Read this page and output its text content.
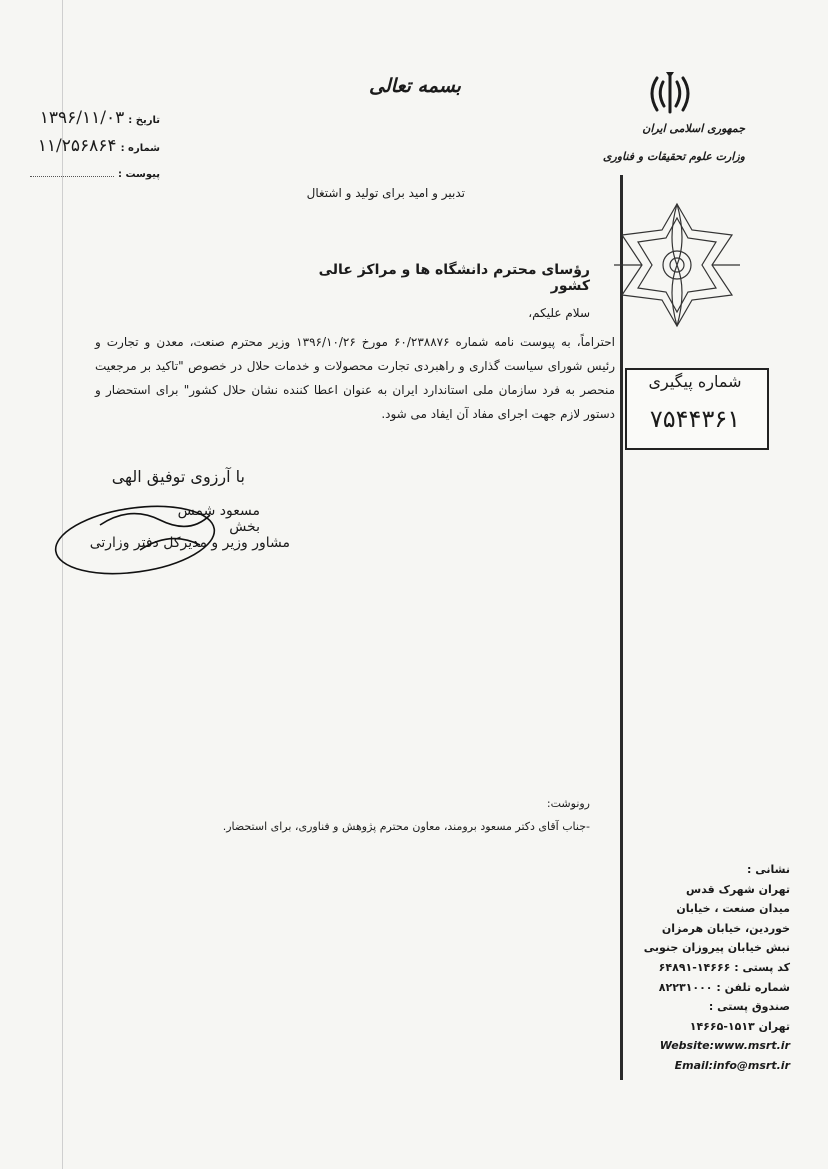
بسمه تعالی
جمهوری اسلامی ایران
وزارت علوم تحقیقات و فناوری
تاریخ :
۱۳۹۶/۱۱/۰۳
شماره :
۱۱/۲۵۶۸۶۴
پیوست :
تدبیر و امید برای تولید و اشتغال
رؤسای محترم دانشگاه ها و مراکز عالی کشور
سلام علیکم،
احتراماً، به پیوست نامه شماره ۶۰/۲۳۸۸۷۶ مورخ ۱۳۹۶/۱۰/۲۶ وزیر محترم صنعت، معدن و تجارت و رئیس شورای سیاست گذاری و راهبردی تجارت محصولات و خدمات حلال در خصوص "تاکید بر مرجعیت منحصر به فرد سازمان ملی استاندارد ایران به عنوان اعطا کننده نشان حلال کشور" برای استحضار و دستور لازم جهت اجرای مفاد آن ایفاد می شود.
شماره پیگیری
۷۵۴۴۳۶۱
با آرزوی توفیق الهی
مسعود شمس بخش
مشاور وزیر و مدیرکل دفتر وزارتی
رونوشت:
-جناب آقای دکتر مسعود برومند، معاون محترم پژوهش و فناوری، برای استحضار.
نشانی :
تهران شهرک قدس
میدان صنعت ، خیابان
خوردین، خیابان هرمزان
نبش خیابان پیروزان جنوبی
کد پستی : ۱۴۶۶۶-۶۴۸۹۱
شماره تلفن : ۸۲۲۳۱۰۰۰
صندوق پستی :
تهران ۱۵۱۳-۱۴۶۶۵
Website:www.msrt.ir
Email:info@msrt.ir
